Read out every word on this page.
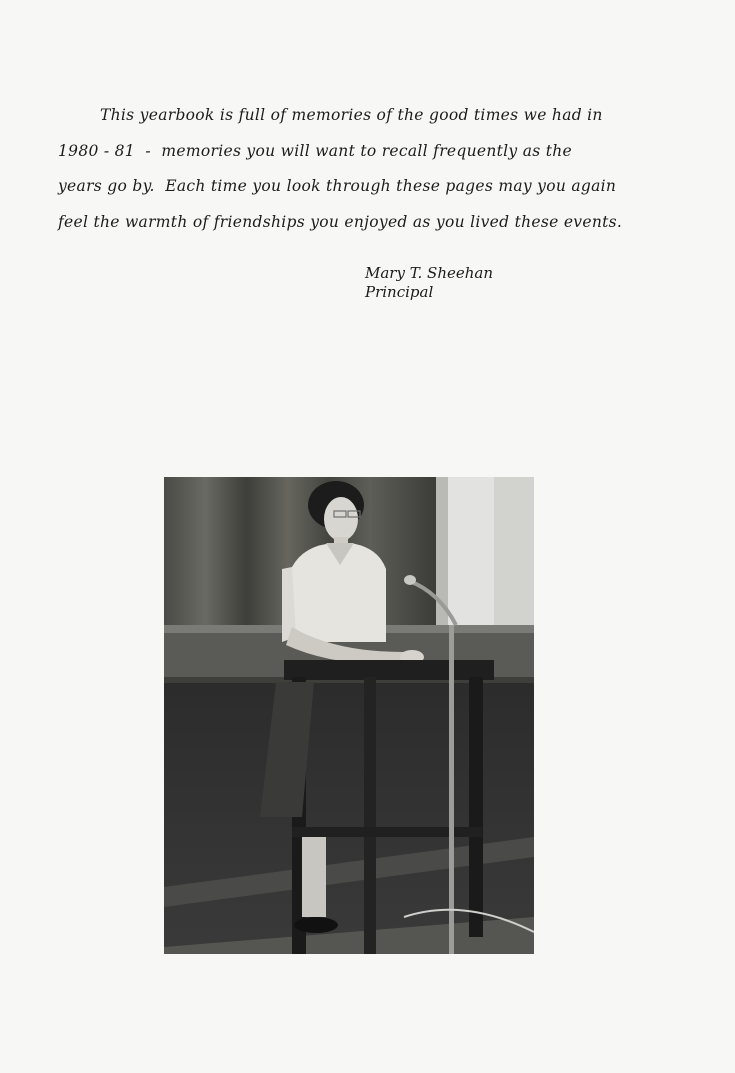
This yearbook is full of memories of the good times we had in
1980 - 81  -  memories you will want to recall frequently as the
years go by.  Each time you look through these pages may you again
feel the warmth of friendships you enjoyed as you lived these events.
Mary T. Sheehan
Principal
